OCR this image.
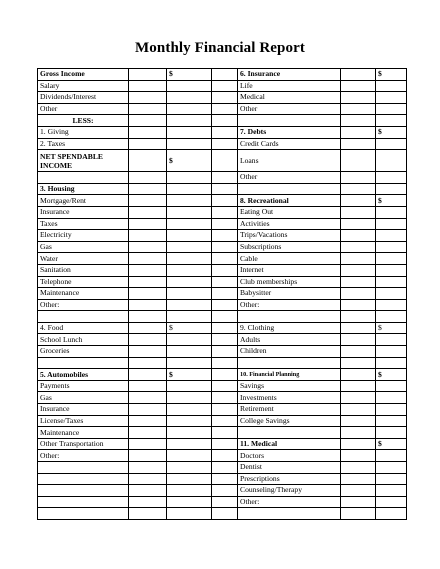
Monthly Financial Report
Gross Income		$		6. Insurance		$
Salary				Life		
Dividends/Interest				Medical		
Other				Other		
LESS:						
1. Giving				7. Debts		$
2. Taxes				Credit Cards		
NET SPENDABLE INCOME		$		Loans		
				Other		
3. Housing						
Mortgage/Rent				8. Recreational		$
Insurance				Eating Out		
Taxes				Activities		
Electricity				Trips/Vacations		
Gas				Subscriptions		
Water				Cable		
Sanitation				Internet		
Telephone				Club memberships		
Maintenance				Babysitter		
Other:				Other:		

4. Food		$		9. Clothing		$
School Lunch				Adults		
Groceries				Children		

5. Automobiles		$		10. Financial Planning		$
Payments				Savings		
Gas				Investments		
Insurance				Retirement		
License/Taxes				College Savings		
Maintenance						
Other Transportation				11. Medical		$
Other:				Doctors		
				Dentist		
				Prescriptions		
				Counseling/Therapy		
				Other:		
